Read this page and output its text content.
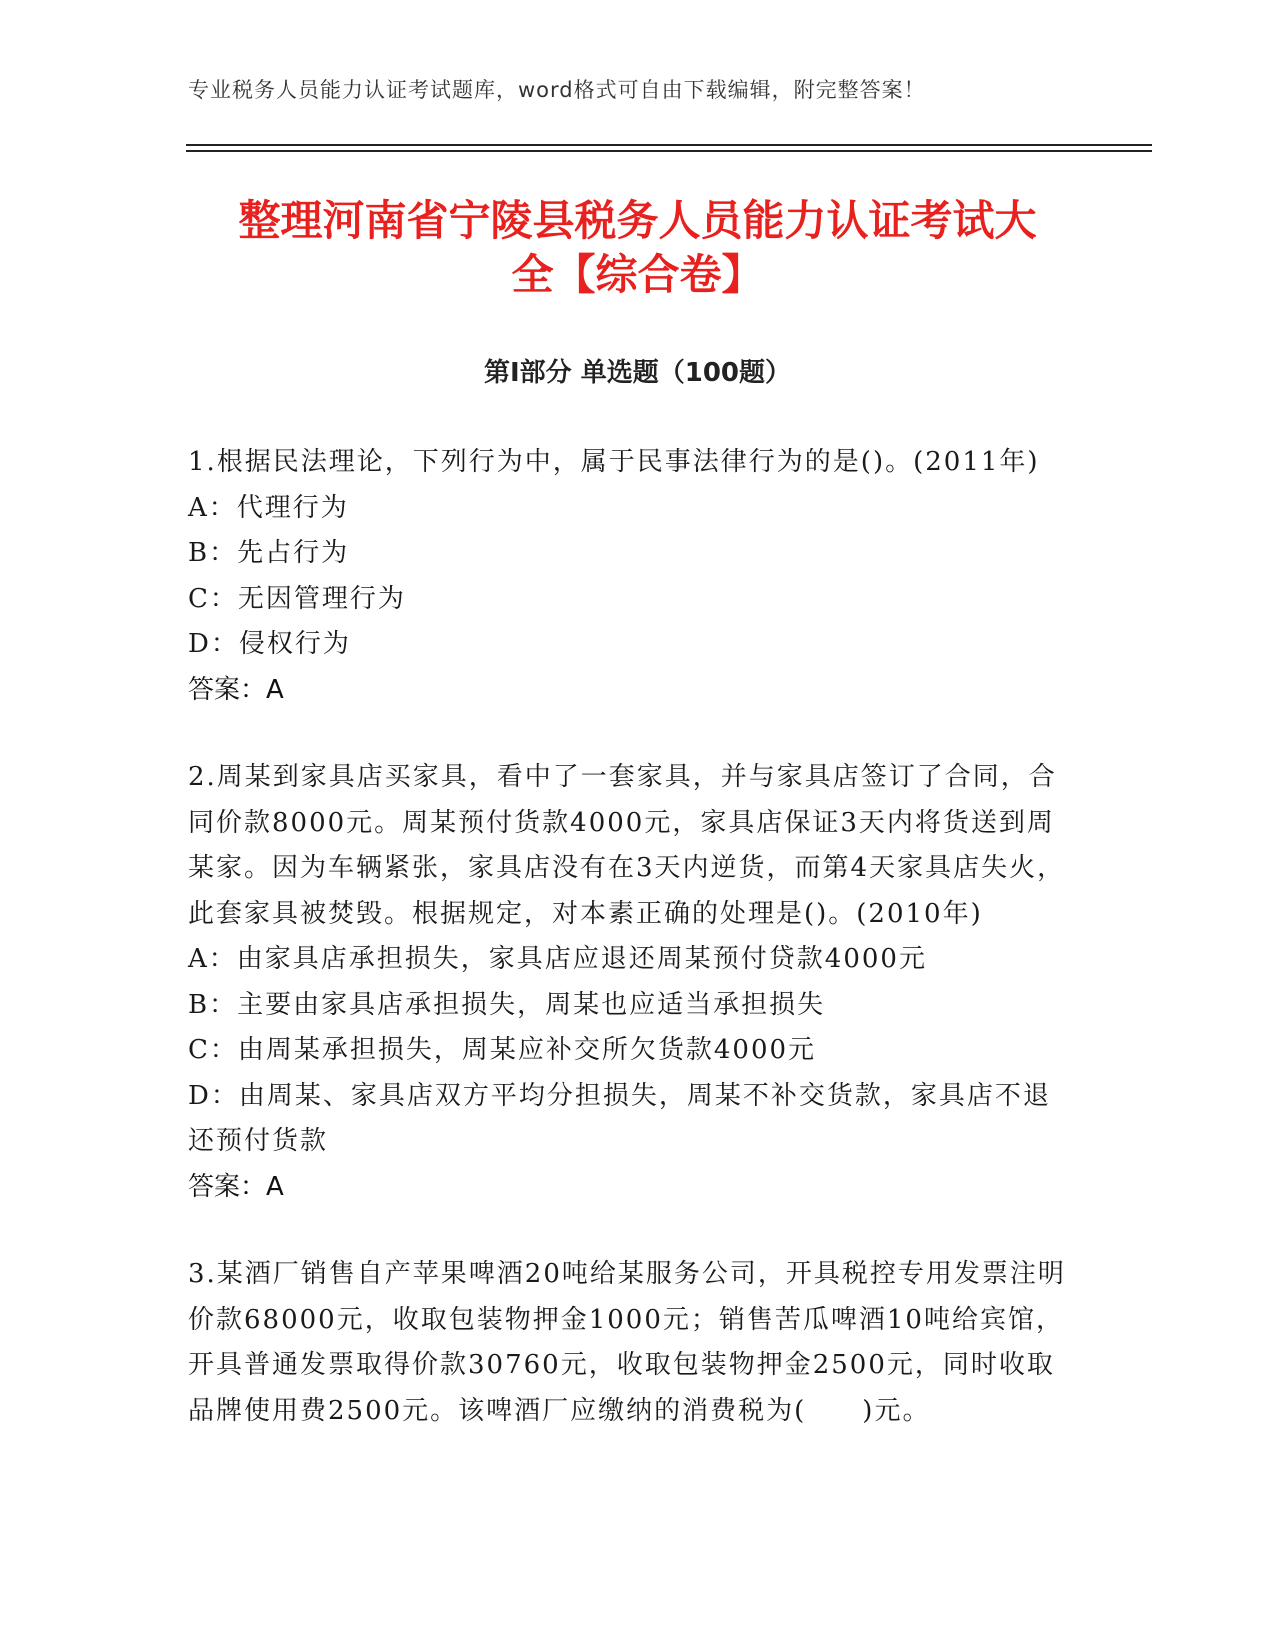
专业税务人员能力认证考试题库，word格式可自由下载编辑，附完整答案！
整理河南省宁陵县税务人员能力认证考试大
全【综合卷】
第Ⅰ部分 单选题（100题）
1.根据民法理论，下列行为中，属于民事法律行为的是()。(2011年)
A：代理行为
B：先占行为
C：无因管理行为
D：侵权行为
答案：A
2.周某到家具店买家具，看中了一套家具，并与家具店签订了合同，合同价款8000元。周某预付货款4000元，家具店保证3天内将货送到周某家。因为车辆紧张，家具店没有在3天内逆货，而第4天家具店失火，此套家具被焚毁。根据规定，对本素正确的处理是()。(2010年)
A：由家具店承担损失，家具店应退还周某预付贷款4000元
B：主要由家具店承担损失，周某也应适当承担损失
C：由周某承担损失，周某应补交所欠货款4000元
D：由周某、家具店双方平均分担损失，周某不补交货款，家具店不退还预付货款
答案：A
3.某酒厂销售自产苹果啤酒20吨给某服务公司，开具税控专用发票注明价款68000元，收取包装物押金1000元；销售苦瓜啤酒10吨给宾馆，开具普通发票取得价款30760元，收取包装物押金2500元，同时收取品牌使用费2500元。该啤酒厂应缴纳的消费税为(　　)元。
